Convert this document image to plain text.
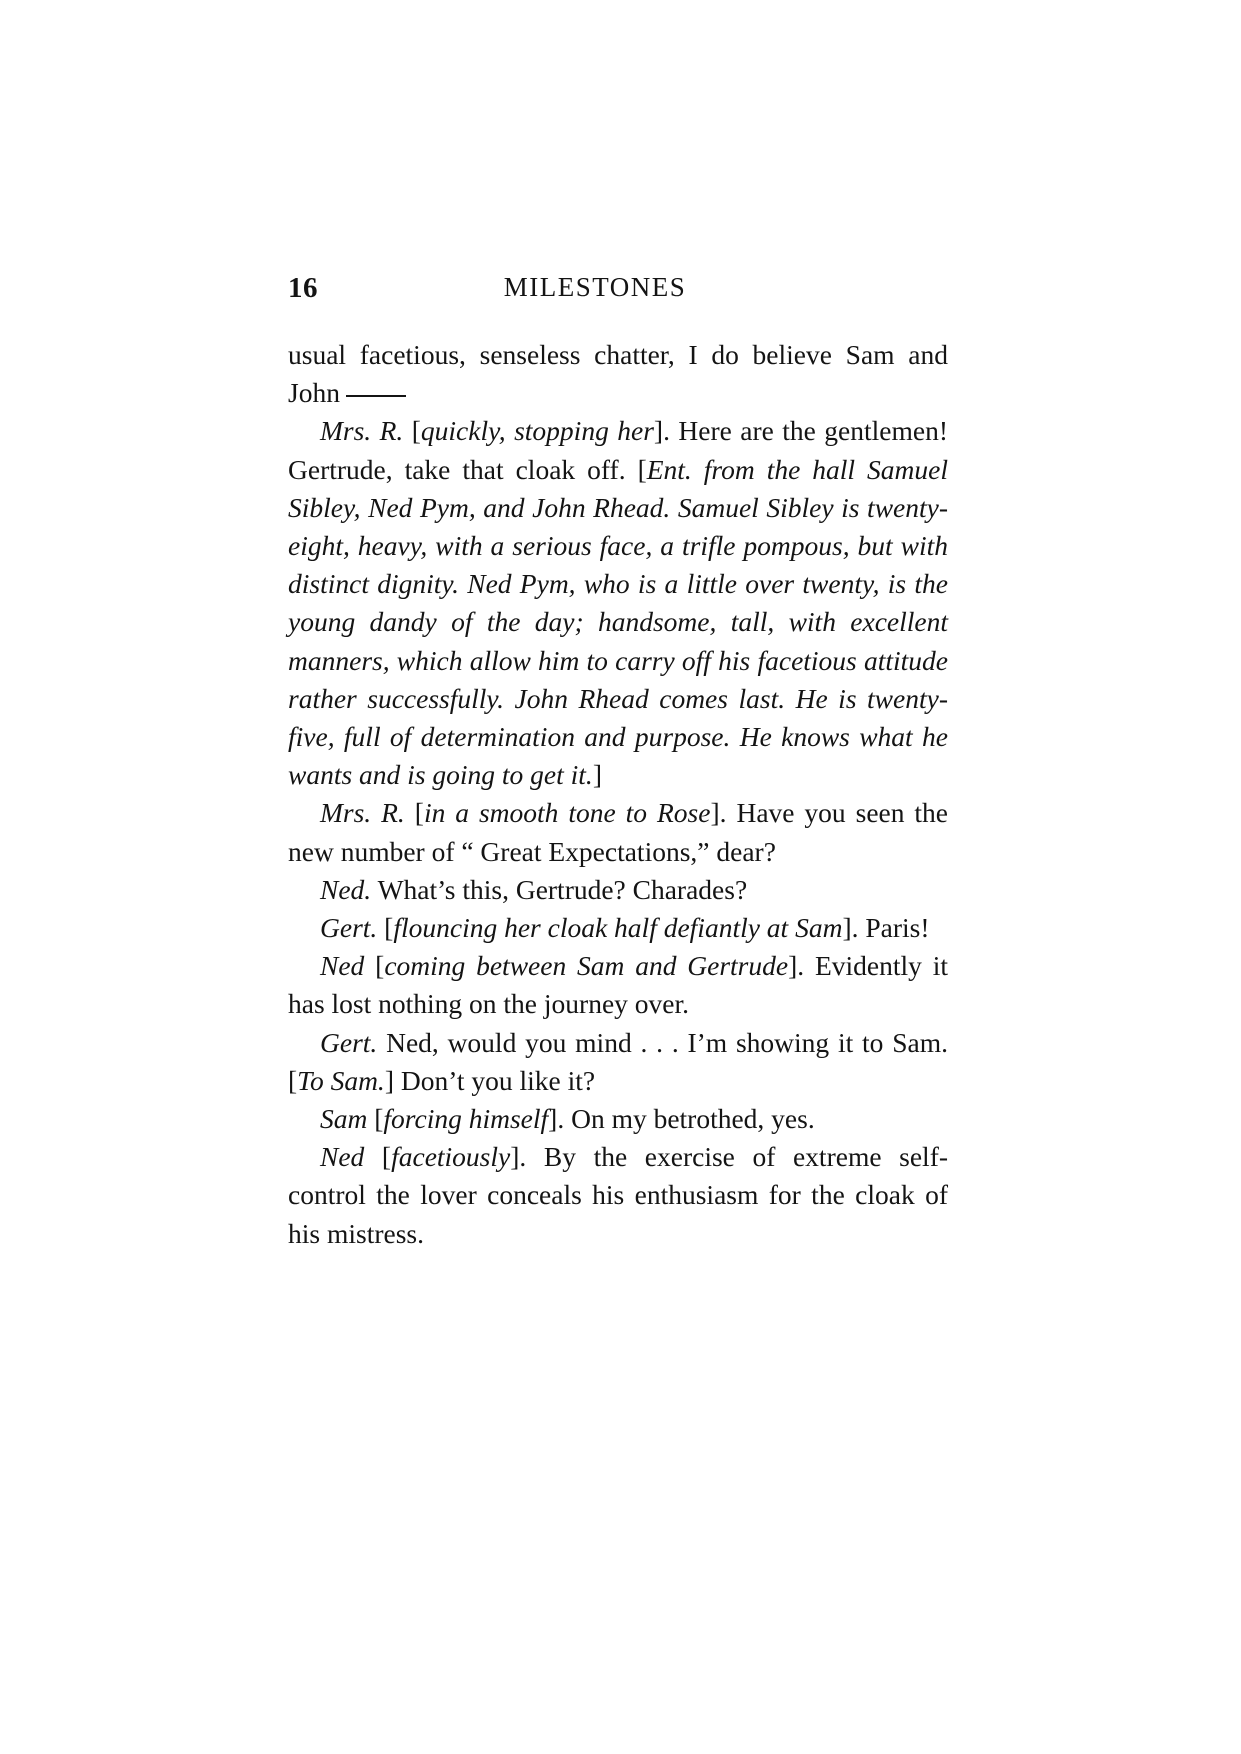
16	MILESTONES

usual facetious, senseless chatter, I do believe Sam and John

Mrs. R. [quickly, stopping her]. Here are the gentlemen! Gertrude, take that cloak off. [Ent. from the hall Samuel Sibley, Ned Pym, and John Rhead. Samuel Sibley is twenty-eight, heavy, with a serious face, a trifle pompous, but with distinct dignity. Ned Pym, who is a little over twenty, is the young dandy of the day; handsome, tall, with excellent manners, which allow him to carry off his facetious attitude rather successfully. John Rhead comes last. He is twenty-five, full of determination and purpose. He knows what he wants and is going to get it.]

Mrs. R. [in a smooth tone to Rose]. Have you seen the new number of “ Great Expectations,” dear?

Ned. What’s this, Gertrude? Charades?

Gert. [flouncing her cloak half defiantly at Sam]. Paris!

Ned [coming between Sam and Gertrude]. Evidently it has lost nothing on the journey over.

Gert. Ned, would you mind . . . I’m showing it to Sam. [To Sam.] Don’t you like it?

Sam [forcing himself]. On my betrothed, yes.

Ned [facetiously]. By the exercise of extreme self-control the lover conceals his enthusiasm for the cloak of his mistress.
